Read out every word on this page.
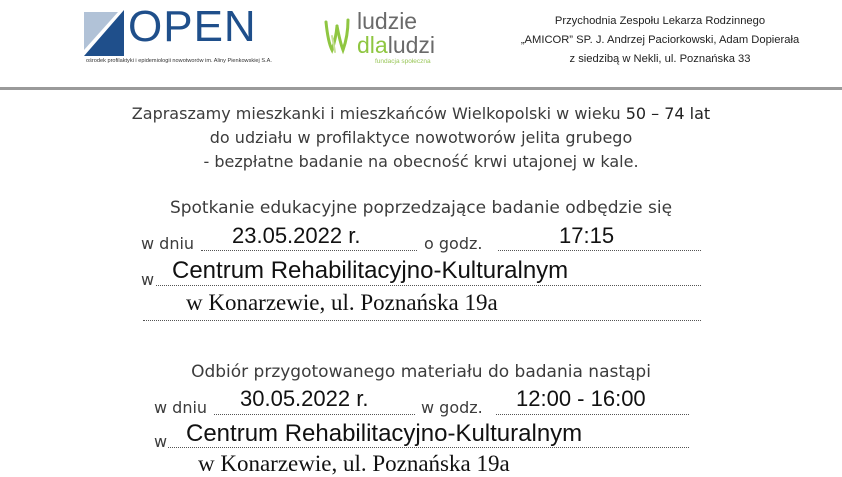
OPEN
ośrodek profilaktyki i epidemiologii nowotworów im. Aliny Pienkowskiej S.A.
ludzie
dlaludzi
fundacja społeczna
Przychodnia Zespołu Lekarza Rodzinnego
„AMICOR” SP. J. Andrzej Paciorkowski, Adam Dopierała
z siedzibą w Nekli, ul. Poznańska 33
Zapraszamy mieszkanki i mieszkańców Wielkopolski w wieku 50 – 74 lat
do udziału w profilaktyce nowotworów jelita grubego
- bezpłatne badanie na obecność krwi utajonej w kale.
Spotkanie edukacyjne poprzedzające badanie odbędzie się
w dniu 23.05.2022 r.	o godz.	17:15
w Centrum Rehabilitacyjno-Kulturalnym
w Konarzewie, ul. Poznańska 19a
Odbiór przygotowanego materiału do badania nastąpi
w dniu 30.05.2022 r.	w godz. 12:00 - 16:00
w Centrum Rehabilitacyjno-Kulturalnym
w Konarzewie, ul. Poznańska 19a
